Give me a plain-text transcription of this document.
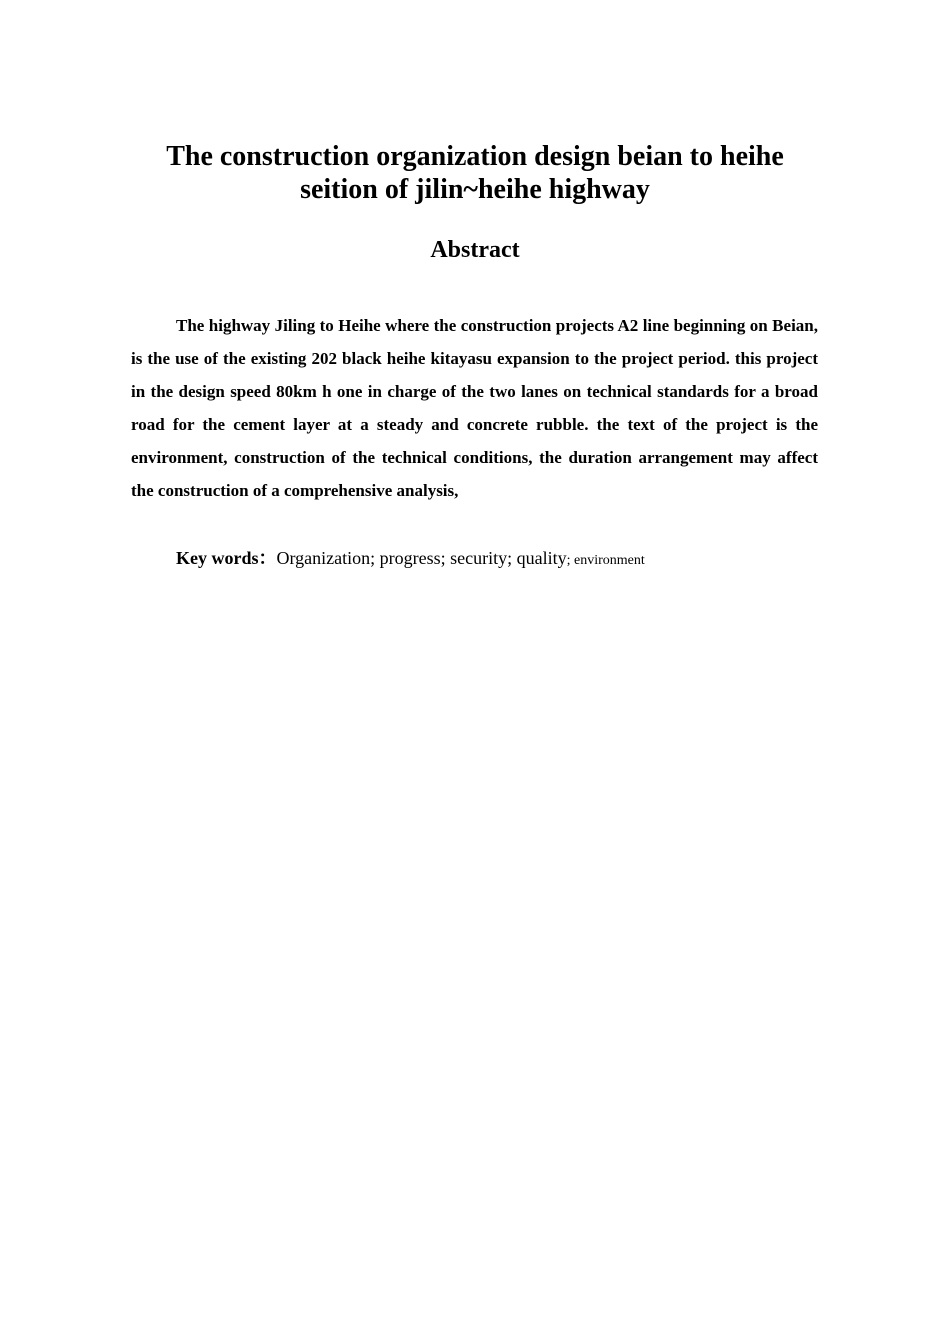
The construction organization design beian to heihe
seition of jilin~heihe highway
Abstract

The highway Jiling to Heihe where the construction projects A2 line beginning on Beian, is the use of the existing 202 black heihe kitayasu expansion to the project period. this project in the design speed 80km h one in charge of the two lanes on technical standards for a broad road for the cement layer at a steady and concrete rubble. the text of the project is the environment, construction of the technical conditions, the duration arrangement may affect the construction of a comprehensive analysis,

Key words：Organization; progress; security; quality; environment
